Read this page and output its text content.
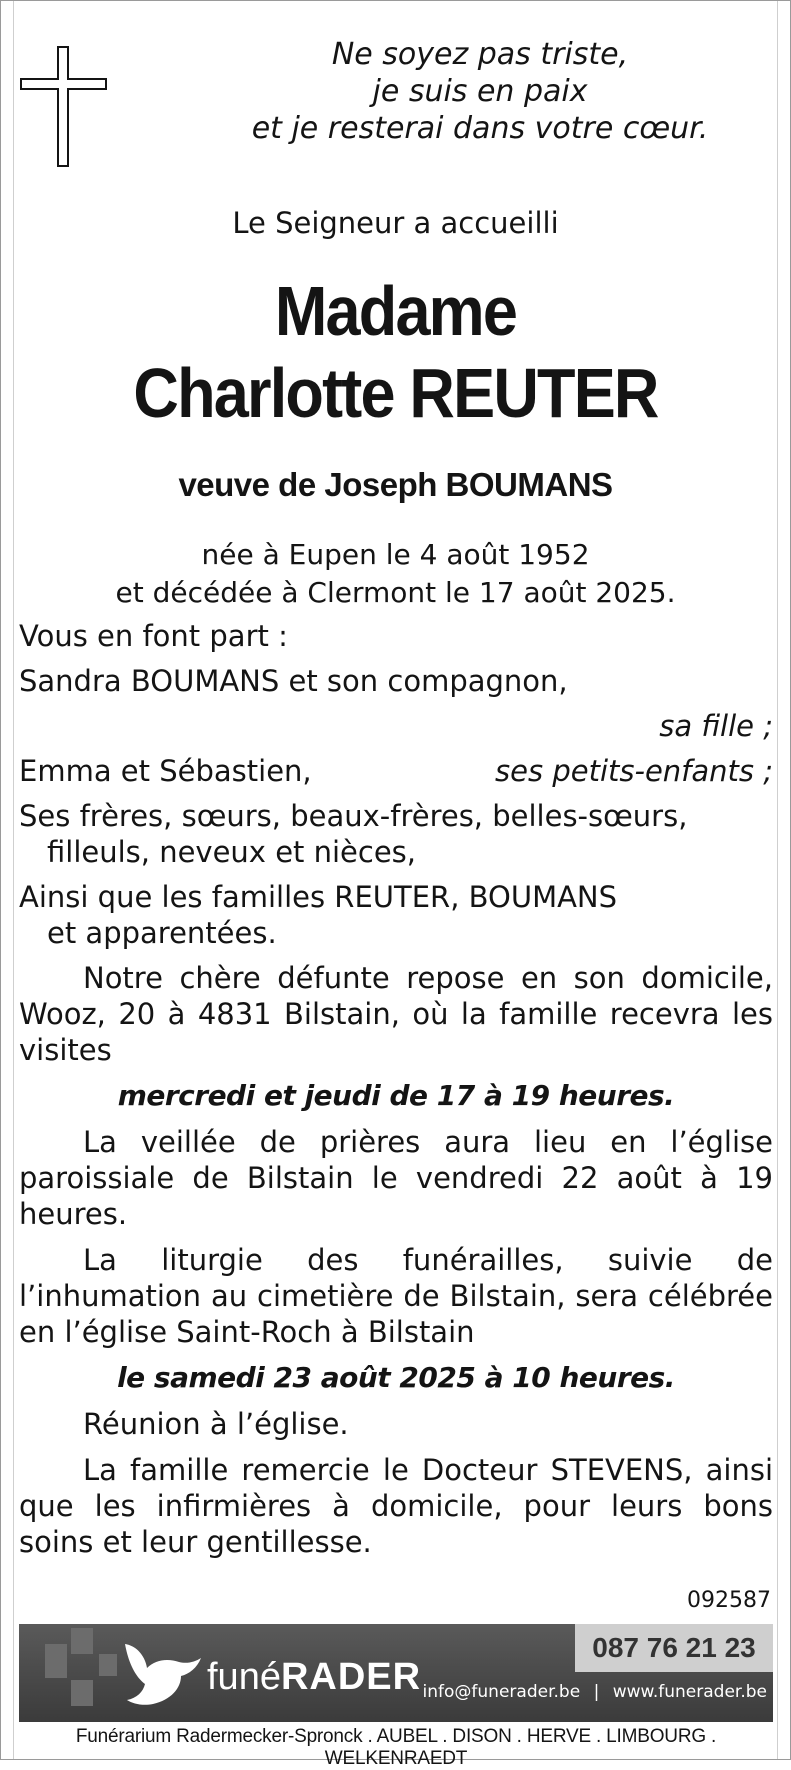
Ne soyez pas triste,
je suis en paix
et je resterai dans votre cœur.
Le Seigneur a accueilli
Madame
Charlotte REUTER
veuve de Joseph BOUMANS
née à Eupen le 4 août 1952
et décédée à Clermont le 17 août 2025.

Vous en font part :

Sandra BOUMANS et son compagnon,

sa fille ;

Emma et Sébastien,	ses petits-enfants ;

Ses frères, sœurs, beaux-frères, belles-sœurs,

filleuls, neveux et nièces,

Ainsi que les familles REUTER, BOUMANS

et apparentées.

Notre chère défunte repose en son domicile, Wooz, 20 à 4831 Bilstain, où la famille recevra les visites

mercredi et jeudi de 17 à 19 heures.

La veillée de prières aura lieu en l’église paroissiale de Bilstain le vendredi 22 août à 19 heures.

La liturgie des funérailles, suivie de l’inhumation au cimetière de Bilstain, sera célébrée en l’église Saint-Roch à Bilstain

le samedi 23 août 2025 à 10 heures.

Réunion à l’église.

La famille remercie le Docteur STEVENS, ainsi que les infirmières à domicile, pour leurs bons soins et leur gentillesse.

092587
funéRADER
087 76 21 23
info@funerader.be | www.funerader.be
Funérarium Radermecker-Spronck . AUBEL . DISON . HERVE . LIMBOURG . WELKENRAEDT
